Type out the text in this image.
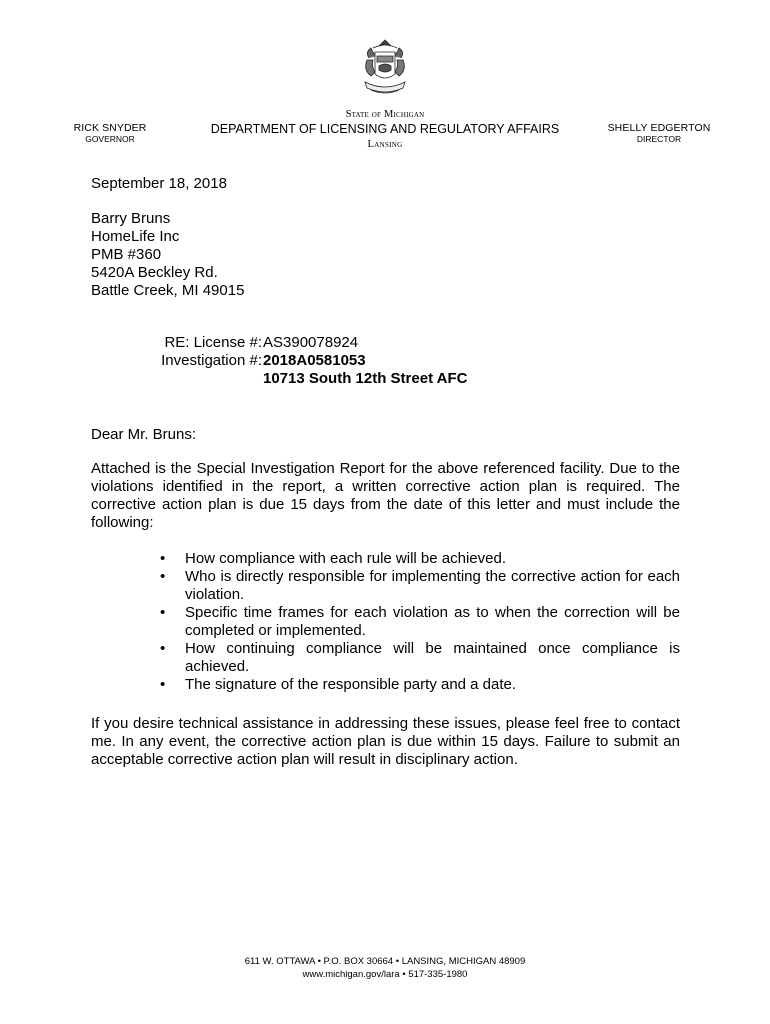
RICK SNYDER
GOVERNOR
State of Michigan
DEPARTMENT OF LICENSING AND REGULATORY AFFAIRS
Lansing
SHELLY EDGERTON
DIRECTOR
September 18, 2018
Barry Bruns
HomeLife Inc
PMB #360
5420A Beckley Rd.
Battle Creek, MI 49015
RE: License #: AS390078924
Investigation #: 2018A0581053
10713 South 12th Street AFC
Dear Mr. Bruns:
Attached is the Special Investigation Report for the above referenced facility. Due to the violations identified in the report, a written corrective action plan is required. The corrective action plan is due 15 days from the date of this letter and must include the following:
• How compliance with each rule will be achieved.
• Who is directly responsible for implementing the corrective action for each violation.
• Specific time frames for each violation as to when the correction will be completed or implemented.
• How continuing compliance will be maintained once compliance is achieved.
• The signature of the responsible party and a date.
If you desire technical assistance in addressing these issues, please feel free to contact me. In any event, the corrective action plan is due within 15 days. Failure to submit an acceptable corrective action plan will result in disciplinary action.
611 W. OTTAWA • P.O. BOX 30664 • LANSING, MICHIGAN 48909
www.michigan.gov/lara • 517-335-1980
